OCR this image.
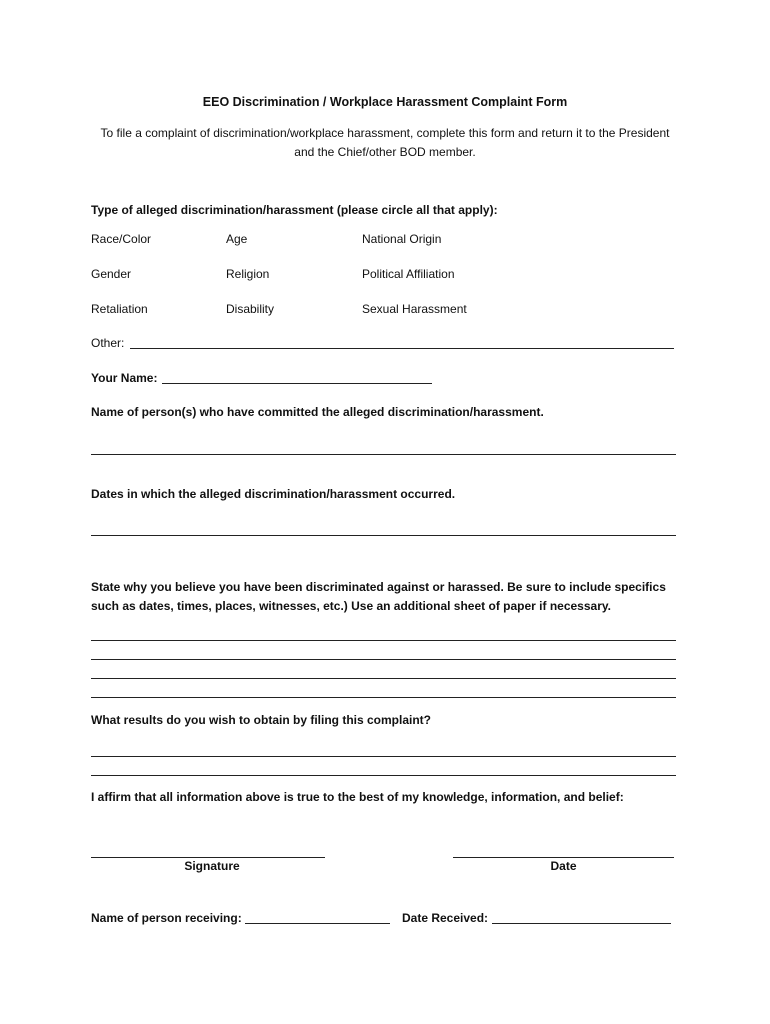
EEO Discrimination / Workplace Harassment Complaint Form

To file a complaint of discrimination/workplace harassment, complete this form and return it to the President and the Chief/other BOD member.

Type of alleged discrimination/harassment (please circle all that apply):

Race/Color	Age	National Origin
Gender	Religion	Political Affiliation
Retaliation	Disability	Sexual Harassment
Other:
Your Name:

Name of person(s) who have committed the alleged discrimination/harassment.

Dates in which the alleged discrimination/harassment occurred.

State why you believe you have been discriminated against or harassed. Be sure to include specifics such as dates, times, places, witnesses, etc.) Use an additional sheet of paper if necessary.

What results do you wish to obtain by filing this complaint?

I affirm that all information above is true to the best of my knowledge, information, and belief:

Signature	Date

Name of person receiving:	Date Received:
